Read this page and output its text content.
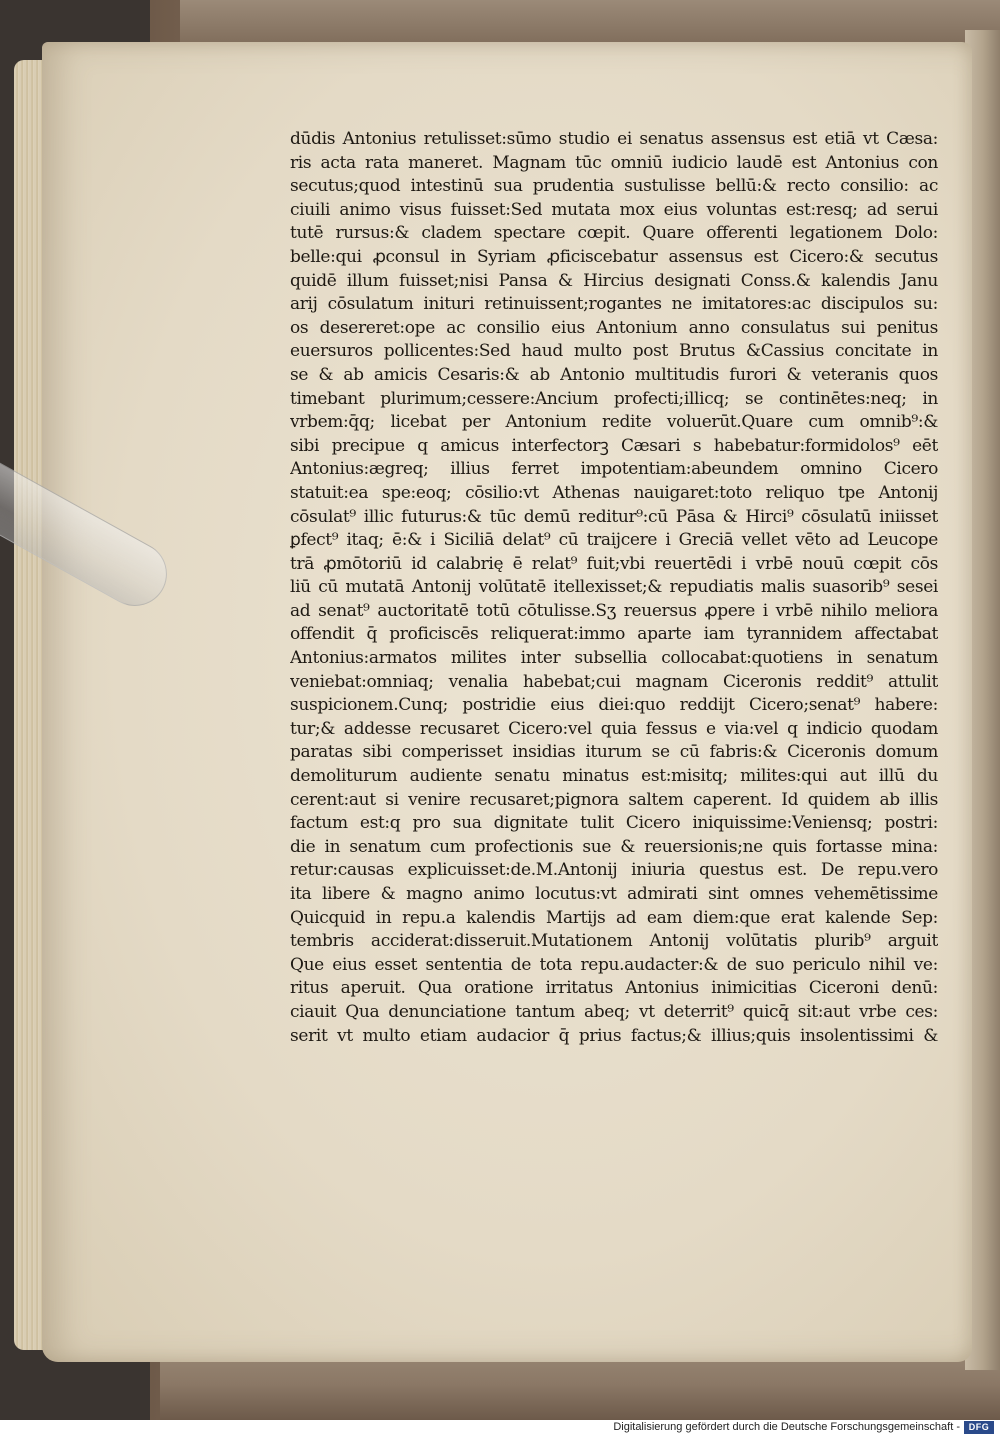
dūdis Antonius retulisset:sūmo studio ei senatus assensus est etiā vt Cæsa:
ris acta rata maneret. Magnam tūc omniū iudicio laudē est Antonius con
secutus;quod intestinū sua prudentia sustulisse bellū:& recto consilio: ac
ciuili animo visus fuisset:Sed mutata mox eius voluntas est:resq; ad serui
tutē rursus:& cladem spectare cœpit. Quare offerenti legationem Dolo:
belle:qui ꝓconsul in Syriam ꝓficiscebatur assensus est Cicero:& secutus
quidē illum fuisset;nisi Pansa & Hircius designati Conss.& kalendis Janu
arij cōsulatum inituri retinuissent;rogantes ne imitatores:ac discipulos su:
os desereret:ope ac consilio eius Antonium anno consulatus sui penitus
euersuros pollicentes:Sed haud multo post Brutus &Cassius concitate in
se & ab amicis Cesaris:& ab Antonio multitudis furori & veteranis quos
timebant plurimum;cessere:Ancium profecti;illicq; se continētes:neq; in
vrbem:q̄q; licebat per Antonium redite voluerūt.Quare cum omnib⁹:&
sibi precipue q amicus interfectorꝫ Cæsari s habebatur:formidolos⁹ eēt
Antonius:ægreq; illius ferret impotentiam:abeundem omnino Cicero
statuit:ea spe:eoq; cōsilio:vt Athenas nauigaret:toto reliquo tpe Antonij
cōsulat⁹ illic futurus:& tūc demū reditur⁹:cū Pāsa & Hirci⁹ cōsulatū iniisset
ꝑfect⁹ itaq; ē:& i Siciliā delat⁹ cū traijcere i Greciā vellet vēto ad Leucope
trā ꝓmōtoriū id calabrię ē relat⁹ fuit;vbi reuertēdi i vrbē nouū cœpit cōs
liū cū mutatā Antonij volūtatē itellexisset;& repudiatis malis suasorib⁹ sesei
ad senat⁹ auctoritatē totū cōtulisse.Sʒ reuersus ꝓpere i vrbē nihilo meliora
offendit q̄ proficiscēs reliquerat:immo aparte iam tyrannidem affectabat
Antonius:armatos milites inter subsellia collocabat:quotiens in senatum
veniebat:omniaq; venalia habebat;cui magnam Ciceronis reddit⁹ attulit
suspicionem.Cunq; postridie eius diei:quo reddijt Cicero;senat⁹ habere:
tur;& addesse recusaret Cicero:vel quia fessus e via:vel q indicio quodam
paratas sibi comperisset insidias iturum se cū fabris:& Ciceronis domum
demoliturum audiente senatu minatus est:misitq; milites:qui aut illū du
cerent:aut si venire recusaret;pignora saltem caperent. Id quidem ab illis
factum est:q pro sua dignitate tulit Cicero iniquissime:Veniensq; postri:
die in senatum cum profectionis sue & reuersionis;ne quis fortasse mina:
retur:causas explicuisset:de.M.Antonij iniuria questus est. De repu.vero
ita libere & magno animo locutus:vt admirati sint omnes vehemētissime
Quicquid in repu.a kalendis Martijs ad eam diem:que erat kalende Sep:
tembris acciderat:disseruit.Mutationem Antonij volūtatis plurib⁹ arguit
Que eius esset sententia de tota repu.audacter:& de suo periculo nihil ve:
ritus aperuit. Qua oratione irritatus Antonius inimicitias Ciceroni denū:
ciauit Qua denunciatione tantum abeq; vt deterrit⁹ quicq̄ sit:aut vrbe ces:
serit vt multo etiam audacior q̄ prius factus;& illius;quis insolentissimi &
Digitalisierung gefördert durch die Deutsche Forschungsgemeinschaft - DFG
